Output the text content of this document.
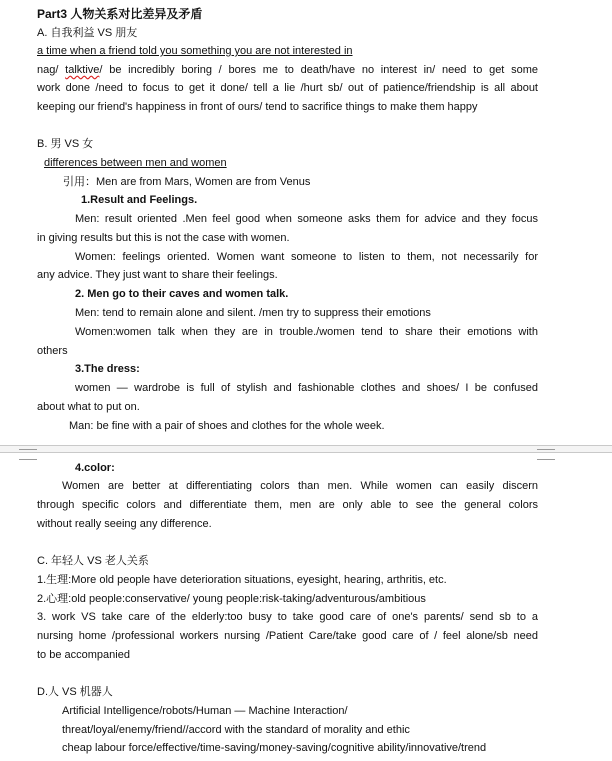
Part3 人物关系对比差异及矛盾
A. 自我利益 VS 朋友
a time when a friend told you something you are not interested in
nag/ talktive/ be incredibly boring / bores me to death/have no interest in/ need to get some
work done /need to focus to get it done/ tell a lie /hurt sb/ out of patience/friendship is all about
keeping our friend's happiness in front of ours/ tend to sacrifice things to make them happy
B. 男 VS 女
differences between men and women
引用：Men are from Mars, Women are from Venus
1.Result and Feelings.
Men: result oriented .Men feel good when someone asks them for advice and they focus
in giving results but this is not the case with women.
Women: feelings oriented. Women want someone to listen to them, not necessarily for
any advice. They just want to share their feelings.
2. Men go to their caves and women talk.
Men: tend to remain alone and silent. /men try to suppress their emotions
Women:women talk when they are in trouble./women tend to share their emotions with
others
3.The dress:
women — wardrobe is full of stylish and fashionable clothes and shoes/ I be confused
about what to put on.
Man: be fine with a pair of shoes and clothes for the whole week.
4.color:
Women are better at differentiating colors than men. While women can easily discern
through specific colors and differentiate them, men are only able to see the general colors
without really seeing any difference.
C. 年轻人 VS 老人关系
1.生理:More old people have deterioration situations, eyesight, hearing, arthritis, etc.
2.心理:old people:conservative/ young people:risk-taking/adventurous/ambitious
3. work VS take care of the elderly:too busy to take good care of one's parents/ send sb to a
nursing home /professional workers nursing /Patient Care/take good care of / feel alone/sb need
to be accompanied
D.人 VS 机器人
Artificial Intelligence/robots/Human — Machine Interaction/
threat/loyal/enemy/friend//accord with the standard of morality and ethic
cheap labour force/effective/time-saving/money-saving/cognitive ability/innovative/trend
